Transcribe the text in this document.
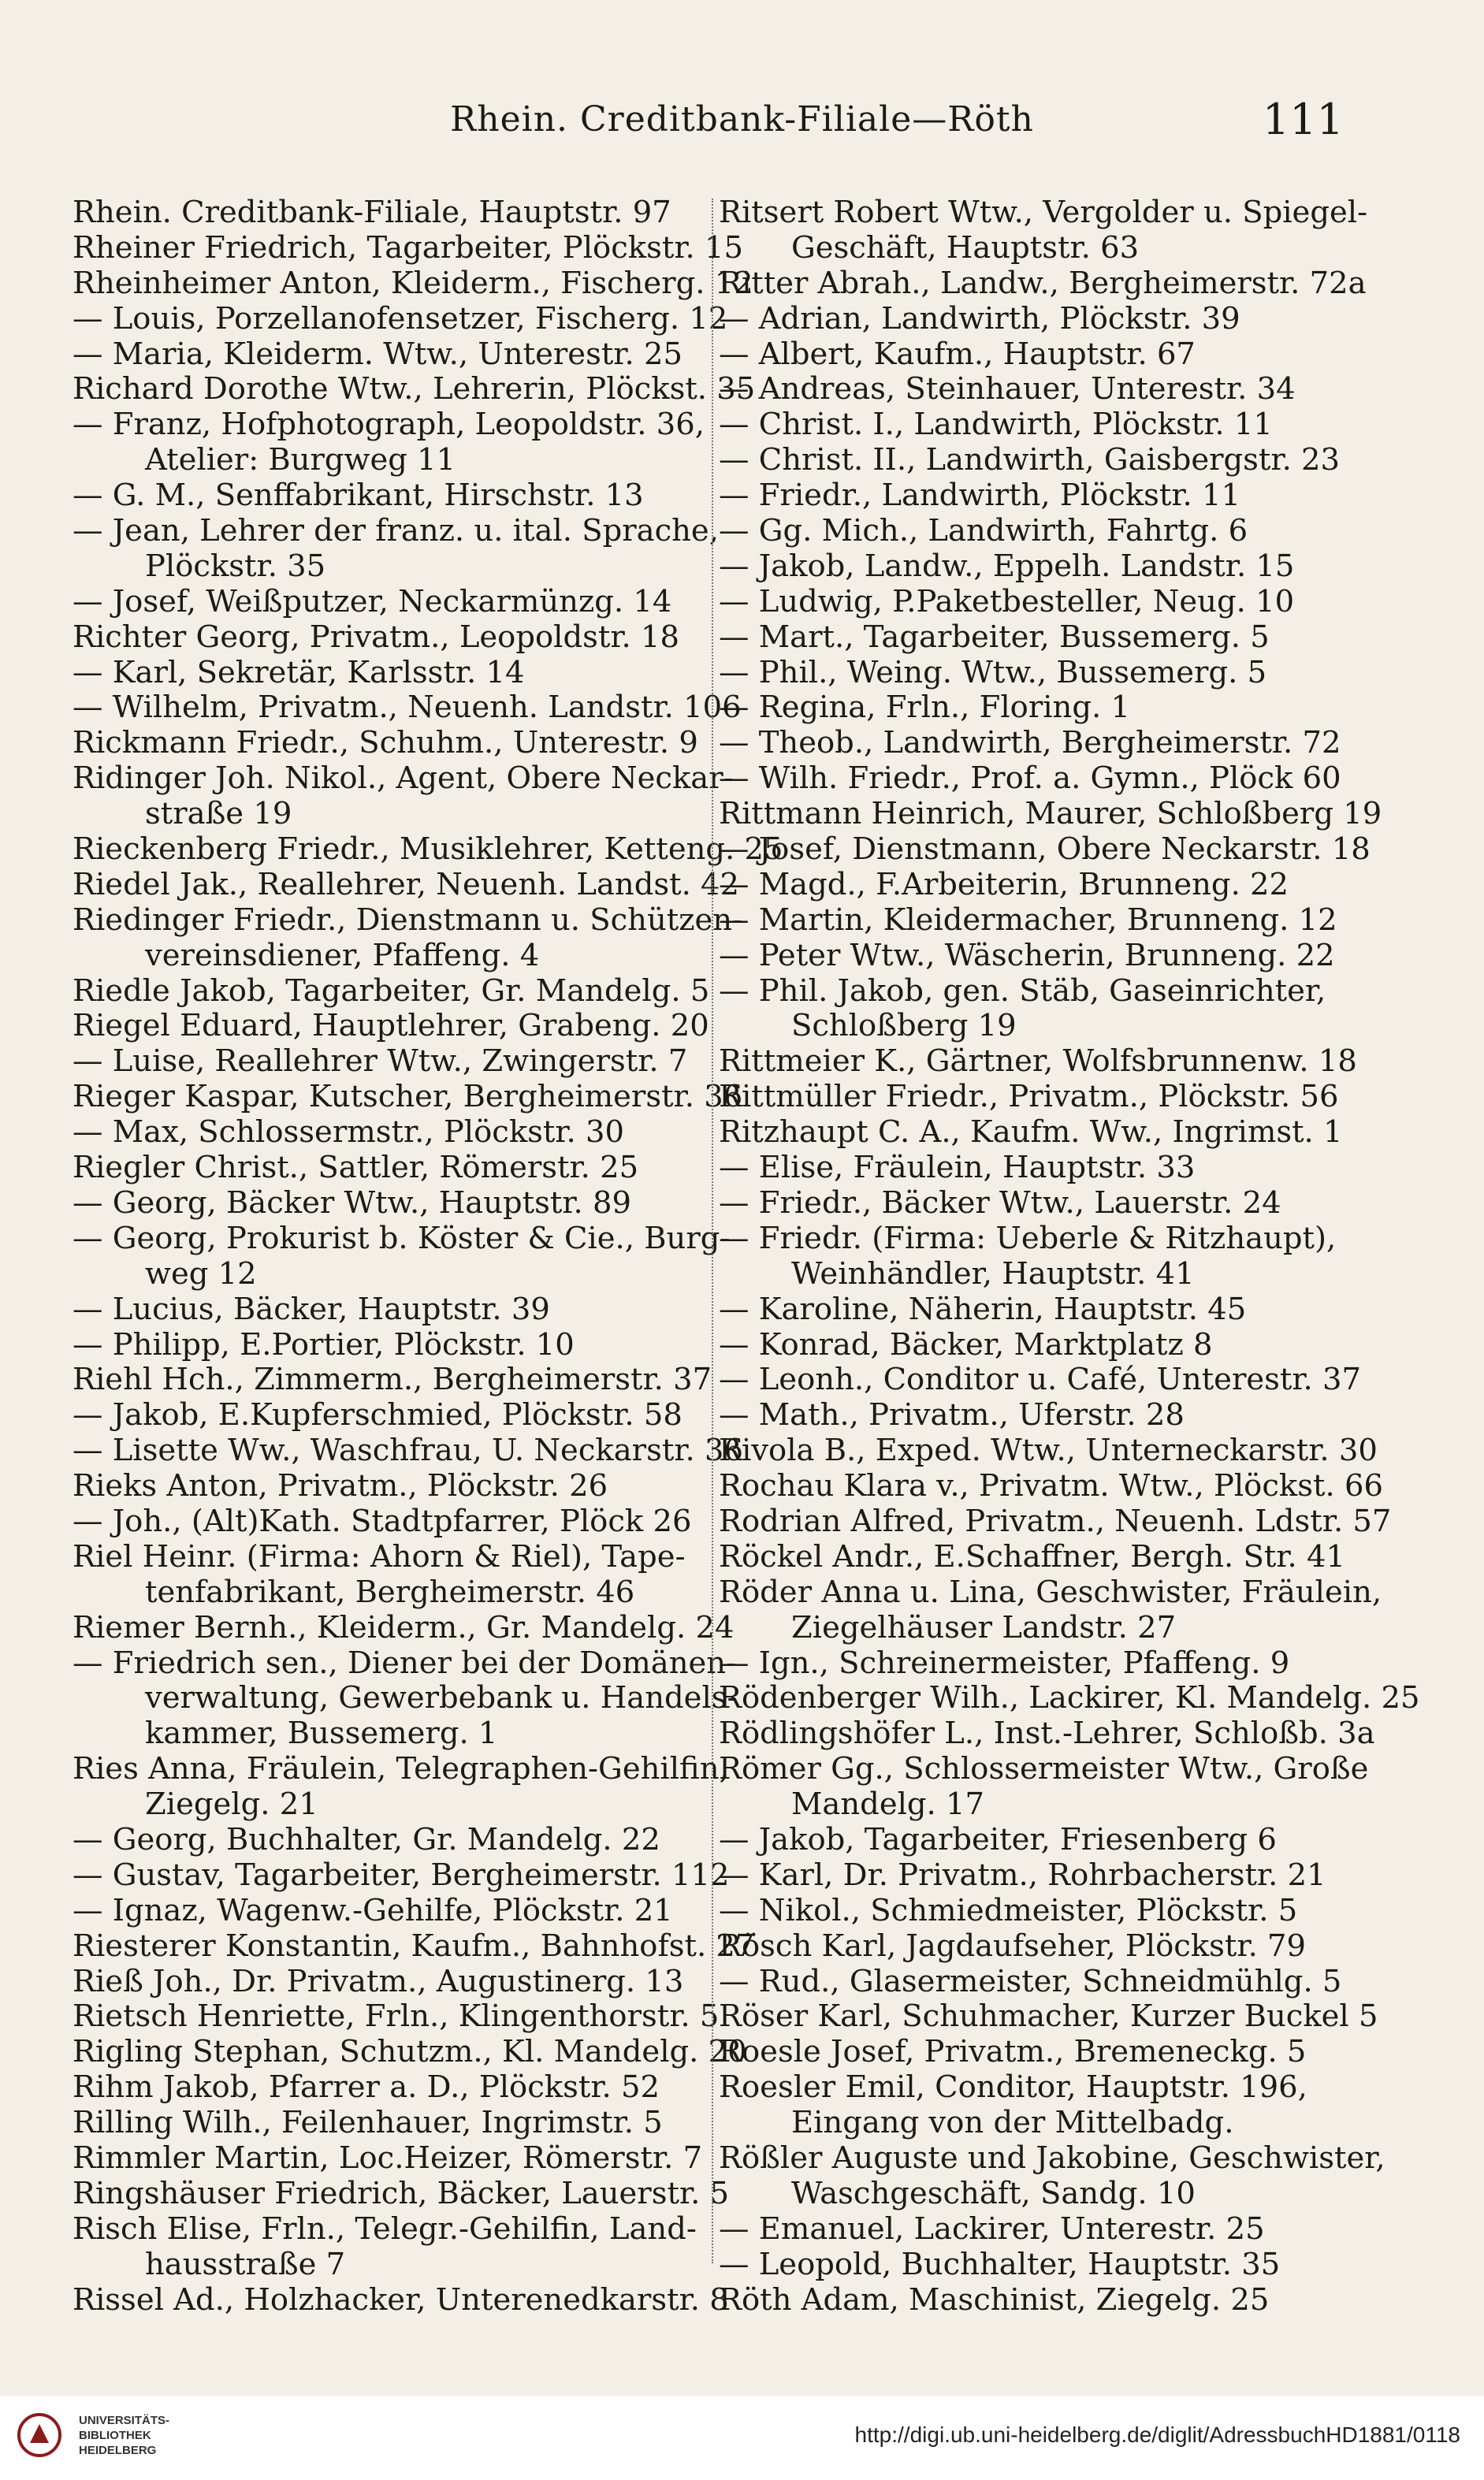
Rhein. Creditbank-Filiale—Röth	111
Rhein. Creditbank-Filiale, Hauptstr. 97
Rheiner Friedrich, Tagarbeiter, Plöckstr. 15
Rheinheimer Anton, Kleiderm., Fischerg. 12
— Louis, Porzellanofensetzer, Fischerg. 12
— Maria, Kleiderm. Wtw., Unterestr. 25
Richard Dorothe Wtw., Lehrerin, Plöckst. 35
— Franz, Hofphotograph, Leopoldstr. 36,
Atelier: Burgweg 11
— G. M., Senffabrikant, Hirschstr. 13
— Jean, Lehrer der franz. u. ital. Sprache,
Plöckstr. 35
— Josef, Weißputzer, Neckarmünzg. 14
Richter Georg, Privatm., Leopoldstr. 18
— Karl, Sekretär, Karlsstr. 14
— Wilhelm, Privatm., Neuenh. Landstr. 106
Rickmann Friedr., Schuhm., Unterestr. 9
Ridinger Joh. Nikol., Agent, Obere Neckar-
straße 19
Rieckenberg Friedr., Musiklehrer, Ketteng. 25
Riedel Jak., Reallehrer, Neuenh. Landst. 42
Riedinger Friedr., Dienstmann u. Schützen-
vereinsdiener, Pfaffeng. 4
Riedle Jakob, Tagarbeiter, Gr. Mandelg. 5
Riegel Eduard, Hauptlehrer, Grabeng. 20
— Luise, Reallehrer Wtw., Zwingerstr. 7
Rieger Kaspar, Kutscher, Bergheimerstr. 36
— Max, Schlossermstr., Plöckstr. 30
Riegler Christ., Sattler, Römerstr. 25
— Georg, Bäcker Wtw., Hauptstr. 89
— Georg, Prokurist b. Köster & Cie., Burg-
weg 12
— Lucius, Bäcker, Hauptstr. 39
— Philipp, E.Portier, Plöckstr. 10
Riehl Hch., Zimmerm., Bergheimerstr. 37
— Jakob, E.Kupferschmied, Plöckstr. 58
— Lisette Ww., Waschfrau, U. Neckarstr. 36
Rieks Anton, Privatm., Plöckstr. 26
— Joh., (Alt)Kath. Stadtpfarrer, Plöck 26
Riel Heinr. (Firma: Ahorn & Riel), Tape-
tenfabrikant, Bergheimerstr. 46
Riemer Bernh., Kleiderm., Gr. Mandelg. 24
— Friedrich sen., Diener bei der Domänen-
verwaltung, Gewerbebank u. Handels-
kammer, Bussemerg. 1
Ries Anna, Fräulein, Telegraphen-Gehilfin,
Ziegelg. 21
— Georg, Buchhalter, Gr. Mandelg. 22
— Gustav, Tagarbeiter, Bergheimerstr. 112
— Ignaz, Wagenw.-Gehilfe, Plöckstr. 21
Riesterer Konstantin, Kaufm., Bahnhofst. 27
Rieß Joh., Dr. Privatm., Augustinerg. 13
Rietsch Henriette, Frln., Klingenthorstr. 5
Rigling Stephan, Schutzm., Kl. Mandelg. 20
Rihm Jakob, Pfarrer a. D., Plöckstr. 52
Rilling Wilh., Feilenhauer, Ingrimstr. 5
Rimmler Martin, Loc.Heizer, Römerstr. 7
Ringshäuser Friedrich, Bäcker, Lauerstr. 5
Risch Elise, Frln., Telegr.-Gehilfin, Land-
hausstraße 7
Rissel Ad., Holzhacker, Unterenedkarstr. 8
Ritsert Robert Wtw., Vergolder u. Spiegel-
Geschäft, Hauptstr. 63
Ritter Abrah., Landw., Bergheimerstr. 72a
— Adrian, Landwirth, Plöckstr. 39
— Albert, Kaufm., Hauptstr. 67
— Andreas, Steinhauer, Unterestr. 34
— Christ. I., Landwirth, Plöckstr. 11
— Christ. II., Landwirth, Gaisbergstr. 23
— Friedr., Landwirth, Plöckstr. 11
— Gg. Mich., Landwirth, Fahrtg. 6
— Jakob, Landw., Eppelh. Landstr. 15
— Ludwig, P.Paketbesteller, Neug. 10
— Mart., Tagarbeiter, Bussemerg. 5
— Phil., Weing. Wtw., Bussemerg. 5
— Regina, Frln., Floring. 1
— Theob., Landwirth, Bergheimerstr. 72
— Wilh. Friedr., Prof. a. Gymn., Plöck 60
Rittmann Heinrich, Maurer, Schloßberg 19
— Josef, Dienstmann, Obere Neckarstr. 18
— Magd., F.Arbeiterin, Brunneng. 22
— Martin, Kleidermacher, Brunneng. 12
— Peter Wtw., Wäscherin, Brunneng. 22
— Phil. Jakob, gen. Stäb, Gaseinrichter,
Schloßberg 19
Rittmeier K., Gärtner, Wolfsbrunnenw. 18
Rittmüller Friedr., Privatm., Plöckstr. 56
Ritzhaupt C. A., Kaufm. Ww., Ingrimst. 1
— Elise, Fräulein, Hauptstr. 33
— Friedr., Bäcker Wtw., Lauerstr. 24
— Friedr. (Firma: Ueberle & Ritzhaupt),
Weinhändler, Hauptstr. 41
— Karoline, Näherin, Hauptstr. 45
— Konrad, Bäcker, Marktplatz 8
— Leonh., Conditor u. Café, Unterestr. 37
— Math., Privatm., Uferstr. 28
Rivola B., Exped. Wtw., Unterneckarstr. 30
Rochau Klara v., Privatm. Wtw., Plöckst. 66
Rodrian Alfred, Privatm., Neuenh. Ldstr. 57
Röckel Andr., E.Schaffner, Bergh. Str. 41
Röder Anna u. Lina, Geschwister, Fräulein,
Ziegelhäuser Landstr. 27
— Ign., Schreinermeister, Pfaffeng. 9
Rödenberger Wilh., Lackirer, Kl. Mandelg. 25
Rödlingshöfer L., Inst.-Lehrer, Schloßb. 3a
Römer Gg., Schlossermeister Wtw., Große
Mandelg. 17
— Jakob, Tagarbeiter, Friesenberg 6
— Karl, Dr. Privatm., Rohrbacherstr. 21
— Nikol., Schmiedmeister, Plöckstr. 5
Rösch Karl, Jagdaufseher, Plöckstr. 79
— Rud., Glasermeister, Schneidmühlg. 5
Röser Karl, Schuhmacher, Kurzer Buckel 5
Roesle Josef, Privatm., Bremeneckg. 5
Roesler Emil, Conditor, Hauptstr. 196,
Eingang von der Mittelbadg.
Rößler Auguste und Jakobine, Geschwister,
Waschgeschäft, Sandg. 10
— Emanuel, Lackirer, Unterestr. 25
— Leopold, Buchhalter, Hauptstr. 35
Röth Adam, Maschinist, Ziegelg. 25
UNIVERSITÄTS-
BIBLIOTHEK
HEIDELBERG
http://digi.ub.uni-heidelberg.de/diglit/AdressbuchHD1881/0118
